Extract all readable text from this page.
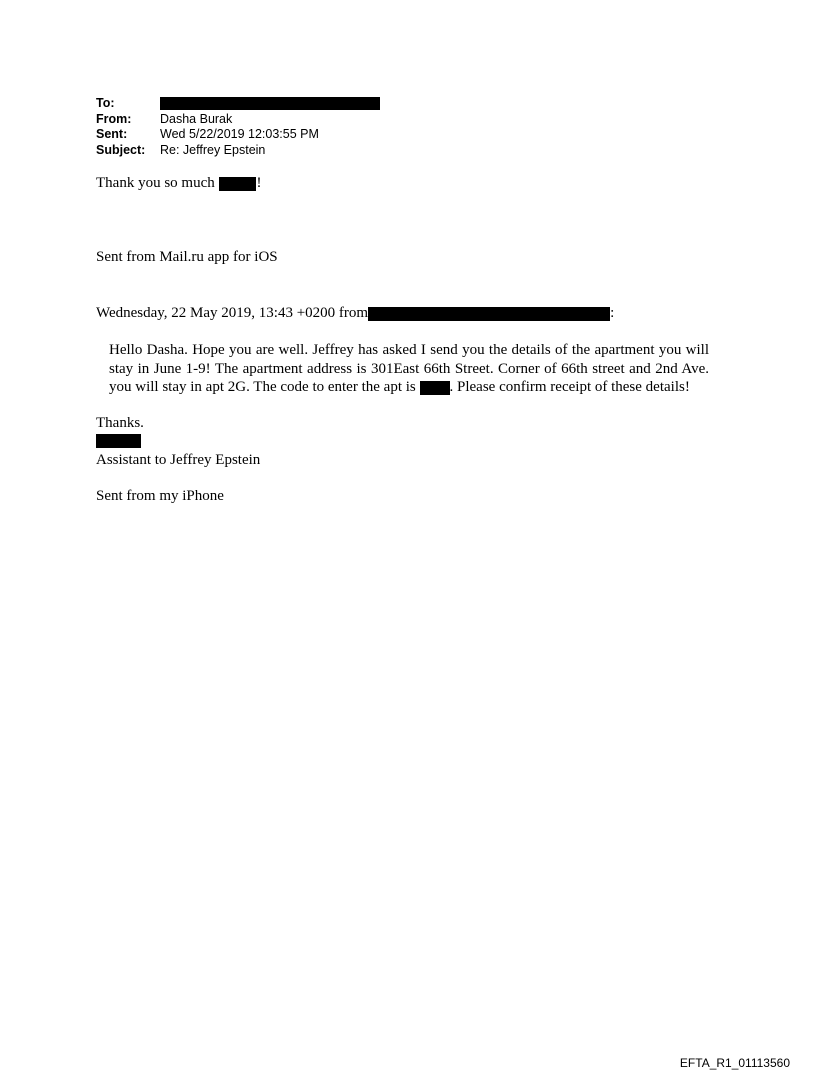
To:
From:	Dasha Burak
Sent:	Wed 5/22/2019 12:03:55 PM
Subject:	Re: Jeffrey Epstein
Thank you so much	!
Sent from Mail.ru app for iOS
Wednesday, 22 May 2019, 13:43 +0200 from	:
Hello Dasha. Hope you are well. Jeffrey has asked I send you the details of the apartment you will stay in June 1-9! The apartment address is 301East 66th Street. Corner of 66th street and 2nd Ave. you will stay in apt 2G. The code to enter the apt is . Please confirm receipt of these details!
Thanks.
Assistant to Jeffrey Epstein
Sent from my iPhone
EFTA_R1_01113560
